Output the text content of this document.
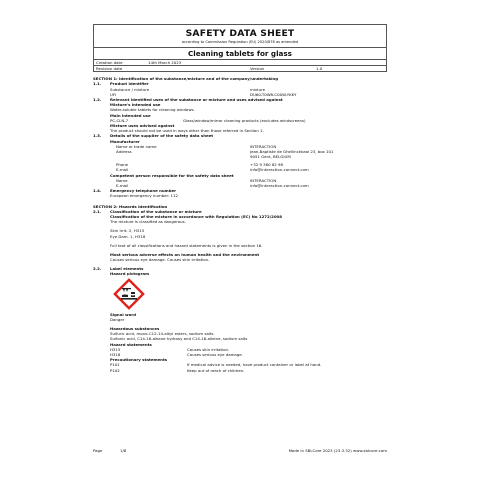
SAFETY DATA SHEET
according to Commission Regulation (EU) 2020/878 as amended
Cleaning tablets for glass
Creation date	14th March 2023
Revision date	Version	1.0
SECTION 1: Identification of the substance/mixture and of the company/undertaking
1.1. Product identifier
Substance / mixture	mixture
UFI	DU60-T0W8-C00W-YKKY
1.2. Relevant identified uses of the substance or mixture and uses advised against
Mixture's intended use
Water-soluble tablets for cleaning windows.
Main intended use
PC-CLN-7	Glass/window/mirror cleaning products (excludes windscreens)
Mixture uses advised against
The product should not be used in ways other than those referred in Section 1.
1.3. Details of the supplier of the safety data sheet
Manufacturer
Name or trade name	INTERACTION
Address	Jean-Baptiste de Ghellinckkaai 23, box 101
9051 Gent, BELGIUM
Phone	+32 9 380 82 98
E-mail	info@interaction-connect.com
Competent person responsible for the safety data sheet
Name	INTERACTION
E-mail	info@interaction-connect.com
1.4. Emergency telephone number
European emergency number: 112
SECTION 2: Hazards identification
2.1. Classification of the substance or mixture
Classification of the mixture in accordance with Regulation (EC) No 1272/2008
The mixture is classified as dangerous.
Skin Irrit. 2, H315
Eye Dam. 1, H318
Full text of all classifications and hazard statements is given in the section 16.
Most serious adverse effects on human health and the environment
Causes serious eye damage. Causes skin irritation.
2.2. Label elements
Hazard pictogram
Signal word
Danger
Hazardous substances
Sulfuric acid, mono-C12-14-alkyl esters, sodium salts
Sulfonic acid, C14-16-alkane hydroxy and C14-16-alkene, sodium salts
Hazard statements
H315	Causes skin irritation.
H318	Causes serious eye damage.
Precautionary statements
P101	If medical advice is needed, have product container or label at hand.
P102	Keep out of reach of children.
Page	1/8	Made in SBLCore 2023 (23.3.32) www.sblcore.com
